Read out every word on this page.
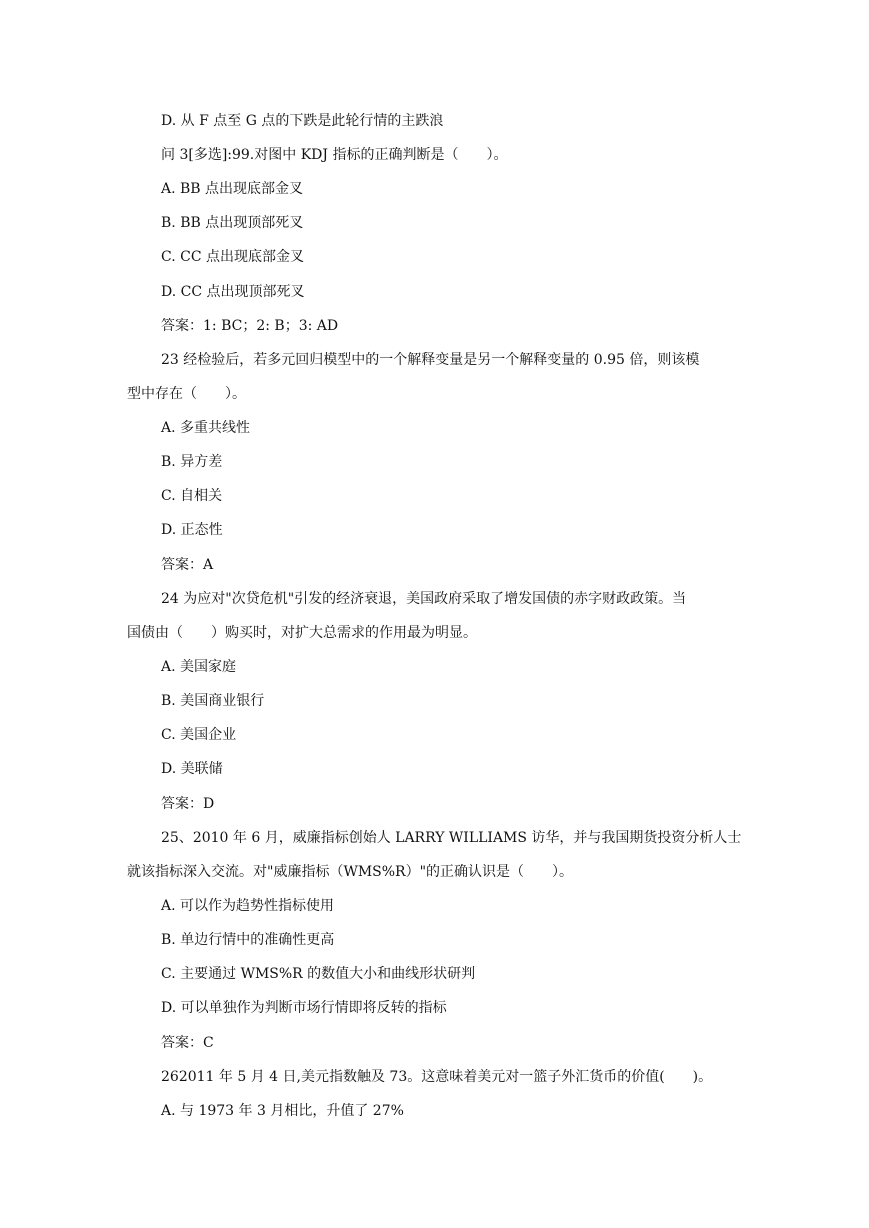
D. 从 F 点至 G 点的下跌是此轮行情的主跌浪
问 3[多选]:99.对图中 KDJ 指标的正确判断是（　　）。
A. BB 点出现底部金叉
B. BB 点出现顶部死叉
C. CC 点出现底部金叉
D. CC 点出现顶部死叉
答案：1: BC；2: B；3: AD
23 经检验后，若多元回归模型中的一个解释变量是另一个解释变量的 0.95 倍，则该模
型中存在（　　）。
A. 多重共线性
B. 异方差
C. 自相关
D. 正态性
答案：A
24 为应对"次贷危机"引发的经济衰退，美国政府采取了增发国债的赤字财政政策。当
国债由（　　）购买时，对扩大总需求的作用最为明显。
A. 美国家庭
B. 美国商业银行
C. 美国企业
D. 美联储
答案：D
25、2010 年 6 月，威廉指标创始人 LARRY WILLIAMS 访华，并与我国期货投资分析人士
就该指标深入交流。对"威廉指标（WMS%R）"的正确认识是（　　）。
A. 可以作为趋势性指标使用
B. 单边行情中的准确性更高
C. 主要通过 WMS%R 的数值大小和曲线形状研判
D. 可以单独作为判断市场行情即将反转的指标
答案：C
262011 年 5 月 4 日,美元指数触及 73。这意味着美元对一篮子外汇货币的价值(　　)。
A. 与 1973 年 3 月相比，升值了 27%
